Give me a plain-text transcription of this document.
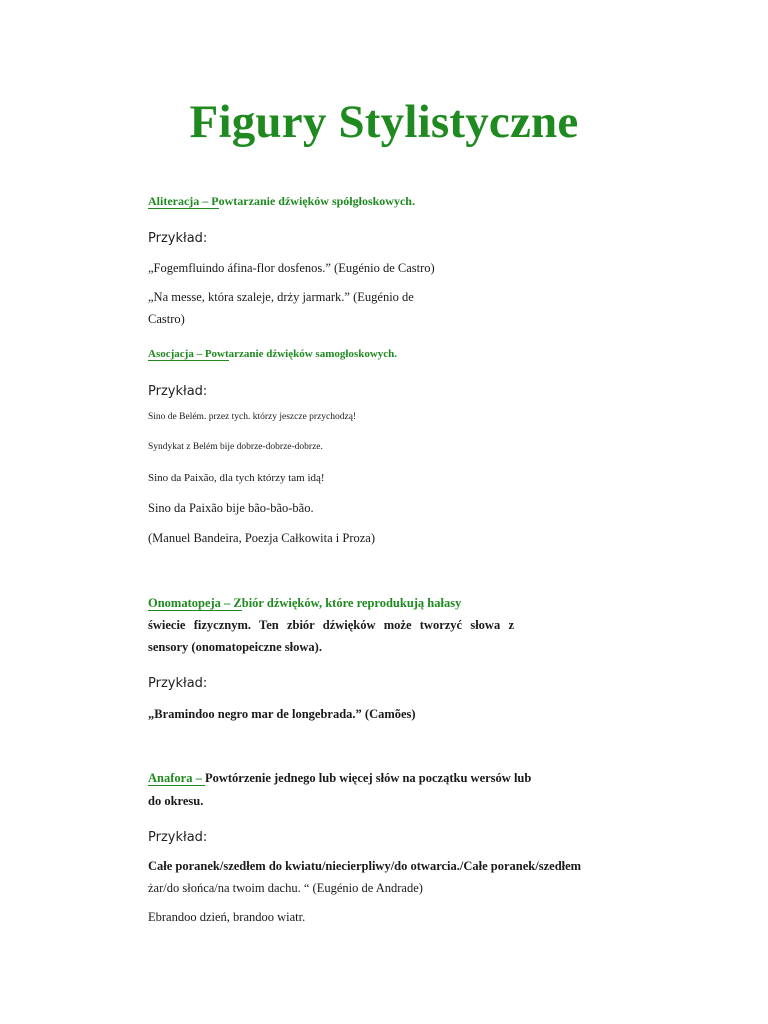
Figury Stylistyczne

Aliteracja – Powtarzanie dźwięków spółgłoskowych.

Przykład:

„Fogemfluindo áfina-flor dosfenos.” (Eugénio de Castro)

„Na messe, która szaleje, drży jarmark.” (Eugénio de

Castro)

Asocjacja – Powtarzanie dźwięków samogłoskowych.

Przykład:

Sino de Belém. przez tych. którzy jeszcze przychodzą!

Syndykat z Belém bije dobrze-dobrze-dobrze.

Sino da Paixão, dla tych którzy tam idą!

Sino da Paixão bije bão-bão-bão.

(Manuel Bandeira, Poezja Całkowita i Proza)

Onomatopeja – Zbiór dźwięków, które reprodukują hałasy

świecie fizycznym. Ten zbiór dźwięków może tworzyć słowa z

sensory (onomatopeiczne słowa).

Przykład:

„Bramindoo negro mar de longebrada.” (Camões)

Anafora – Powtórzenie jednego lub więcej słów na początku wersów lub

do okresu.

Przykład:

Całe poranek/szedłem do kwiatu/niecierpliwy/do otwarcia./Całe poranek/szedłem

żar/do słońca/na twoim dachu. “ (Eugénio de Andrade)

Ebrandoo dzień, brandoo wiatr.
